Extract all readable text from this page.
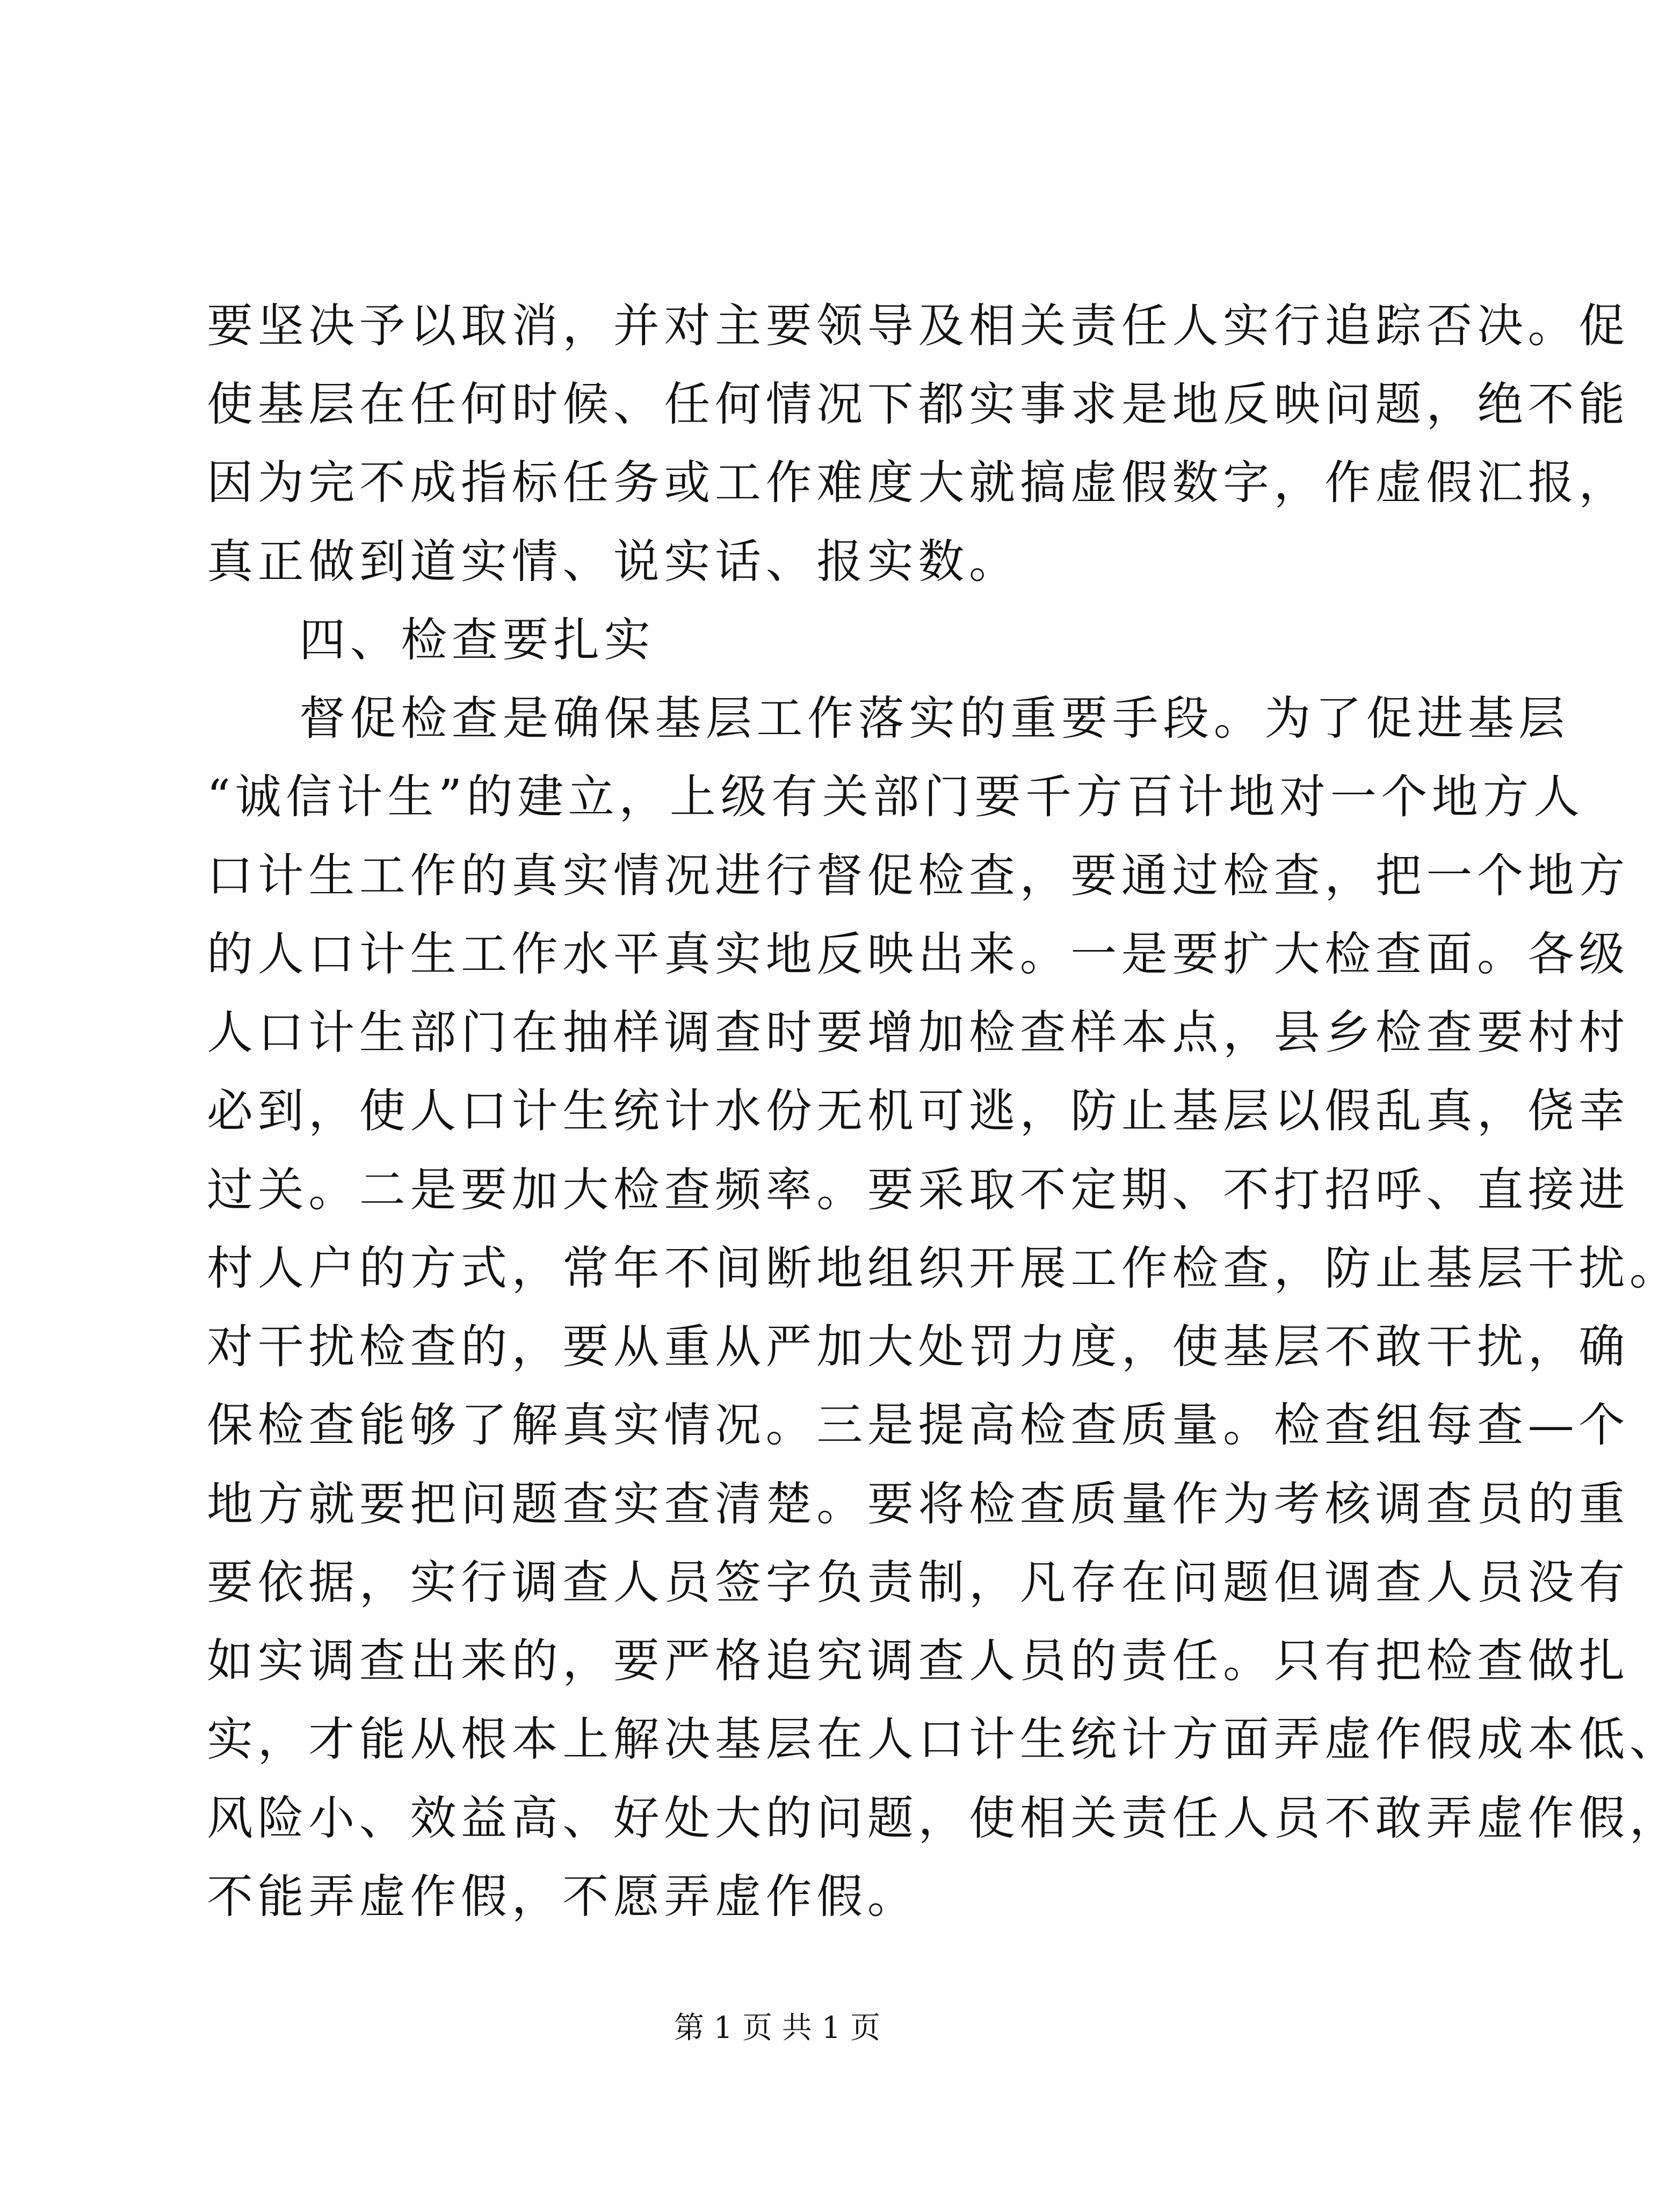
要坚决予以取消，并对主要领导及相关责任人实行追踪否决。促
使基层在任何时候、任何情况下都实事求是地反映问题，绝不能
因为完不成指标任务或工作难度大就搞虚假数字，作虚假汇报，
真正做到道实情、说实话、报实数。
四、检查要扎实
督促检查是确保基层工作落实的重要手段。为了促进基层
“诚信计生”的建立，上级有关部门要千方百计地对一个地方人
口计生工作的真实情况进行督促检查，要通过检查，把一个地方
的人口计生工作水平真实地反映出来。一是要扩大检查面。各级
人口计生部门在抽样调查时要增加检查样本点，县乡检查要村村
必到，使人口计生统计水份无机可逃，防止基层以假乱真，侥幸
过关。二是要加大检查频率。要采取不定期、不打招呼、直接进
村人户的方式，常年不间断地组织开展工作检查，防止基层干扰。
对干扰检查的，要从重从严加大处罚力度，使基层不敢干扰，确
保检查能够了解真实情况。三是提高检查质量。检查组每查—个
地方就要把问题查实查清楚。要将检查质量作为考核调查员的重
要依据，实行调查人员签字负责制，凡存在问题但调查人员没有
如实调查出来的，要严格追究调查人员的责任。只有把检查做扎
实，才能从根本上解决基层在人口计生统计方面弄虚作假成本低、
风险小、效益高、好处大的问题，使相关责任人员不敢弄虚作假，
不能弄虚作假，不愿弄虚作假。
第 1 页 共 1 页
